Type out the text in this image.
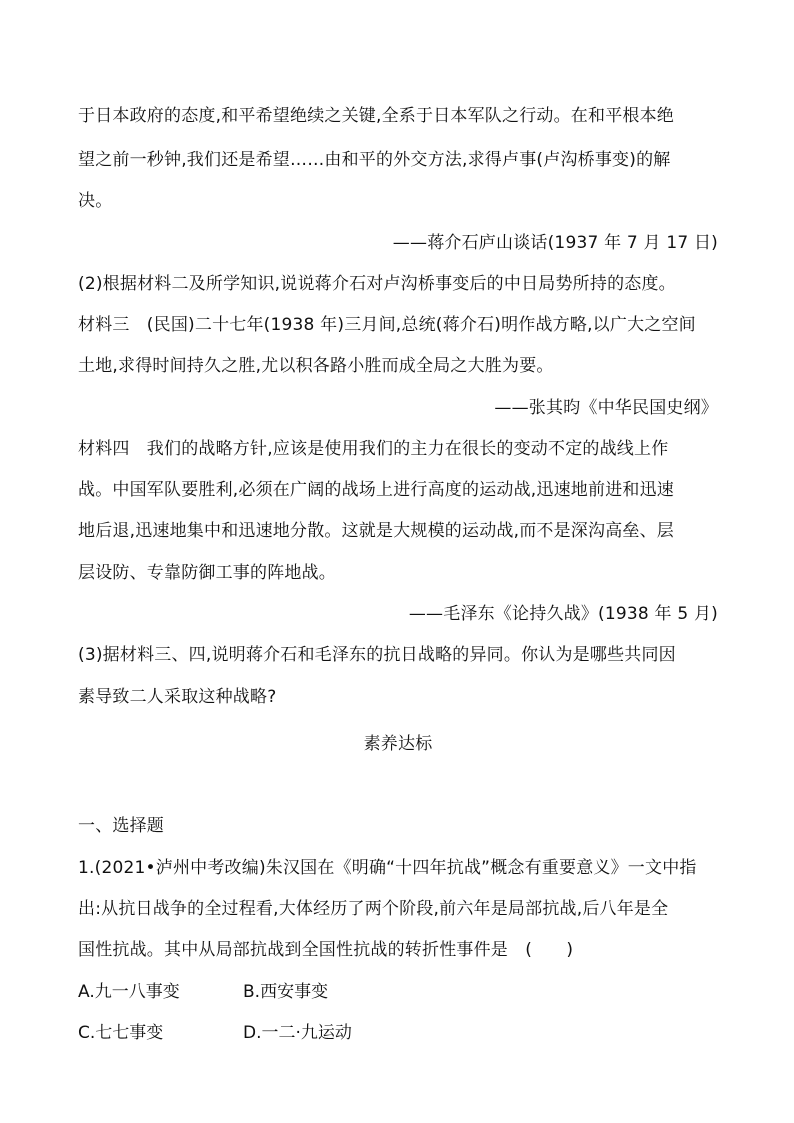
于日本政府的态度,和平希望绝续之关键,全系于日本军队之行动。在和平根本绝
望之前一秒钟,我们还是希望……由和平的外交方法,求得卢事(卢沟桥事变)的解
决。
——蒋介石庐山谈话(1937 年 7 月 17 日)
(2)根据材料二及所学知识,说说蒋介石对卢沟桥事变后的中日局势所持的态度。
材料三　(民国)二十七年(1938 年)三月间,总统(蒋介石)明作战方略,以广大之空间
土地,求得时间持久之胜,尤以积各路小胜而成全局之大胜为要。
——张其昀《中华民国史纲》
材料四　我们的战略方针,应该是使用我们的主力在很长的变动不定的战线上作
战。中国军队要胜利,必须在广阔的战场上进行高度的运动战,迅速地前进和迅速
地后退,迅速地集中和迅速地分散。这就是大规模的运动战,而不是深沟高垒、层
层设防、专靠防御工事的阵地战。
——毛泽东《论持久战》(1938 年 5 月)
(3)据材料三、四,说明蒋介石和毛泽东的抗日战略的异同。你认为是哪些共同因
素导致二人采取这种战略?
素养达标
一、选择题
1.(2021•泸州中考改编)朱汉国在《明确“十四年抗战”概念有重要意义》一文中指
出:从抗日战争的全过程看,大体经历了两个阶段,前六年是局部抗战,后八年是全
国性抗战。其中从局部抗战到全国性抗战的转折性事件是　(　　)
A.九一八事变	B.西安事变
C.七七事变	D.一二·九运动
